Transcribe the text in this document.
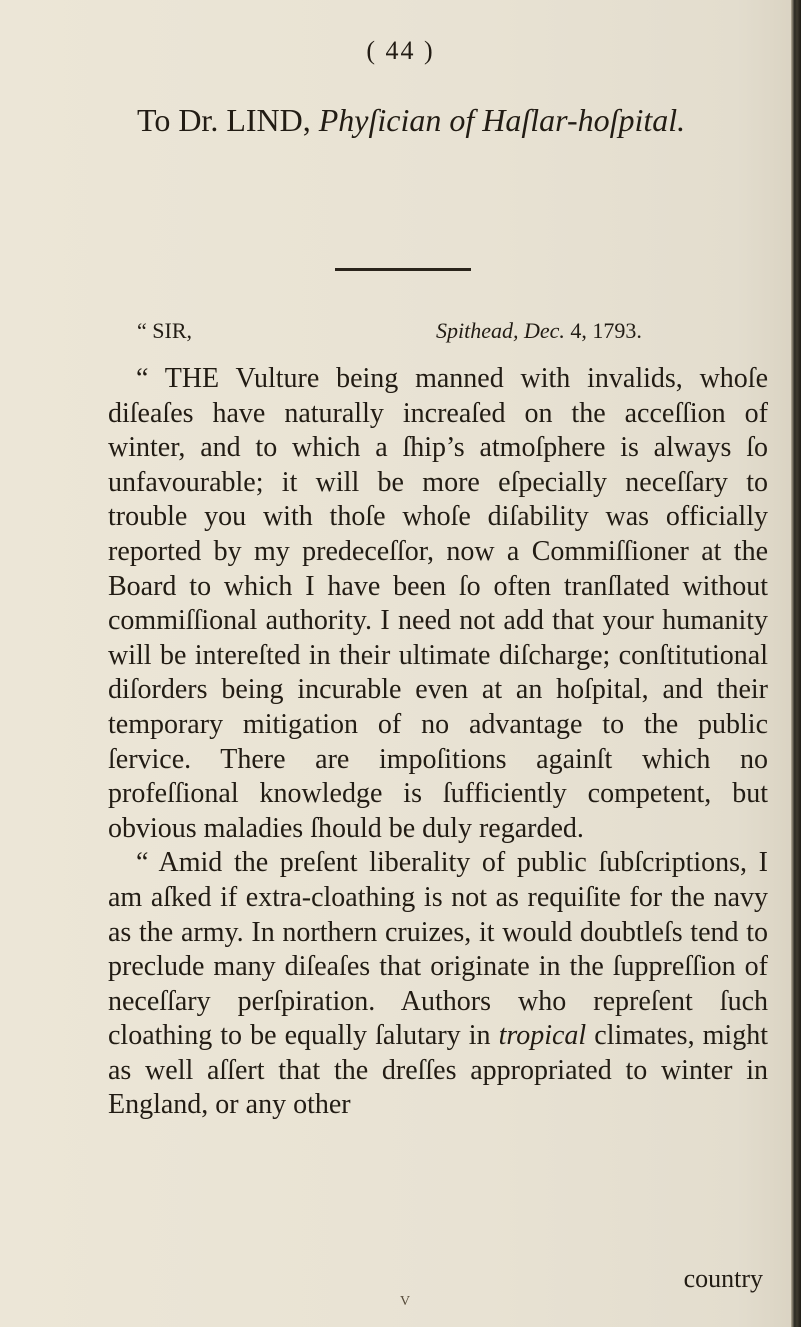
( 44 )
To Dr. LIND, Phyſician of Haſlar-hoſpital.
“ SIR,	Spithead, Dec. 4, 1793.

“ THE Vulture being manned with invalids, whoſe diſeaſes have naturally increaſed on the acceſſion of winter, and to which a ſhip’s atmoſphere is always ſo unfavourable; it will be more eſpecially neceſſary to trouble you with thoſe whoſe diſability was officially reported by my predeceſſor, now a Commiſſioner at the Board to which I have been ſo often tranſlated without commiſſional authority. I need not add that your humanity will be intereſted in their ultimate diſcharge; conſtitutional diſorders being incurable even at an hoſpital, and their temporary mitigation of no advantage to the public ſervice. There are impoſitions againſt which no profeſſional knowledge is ſufficiently competent, but obvious maladies ſhould be duly regarded.

“ Amid the preſent liberality of public ſubſcriptions, I am aſked if extra-cloathing is not as requiſite for the navy as the army. In northern cruizes, it would doubtleſs tend to preclude many diſeaſes that originate in the ſuppreſſion of neceſſary perſpiration. Authors who repreſent ſuch cloathing to be equally ſalutary in tropical climates, might as well aſſert that the dreſſes appropriated to winter in England, or any other

country
V
